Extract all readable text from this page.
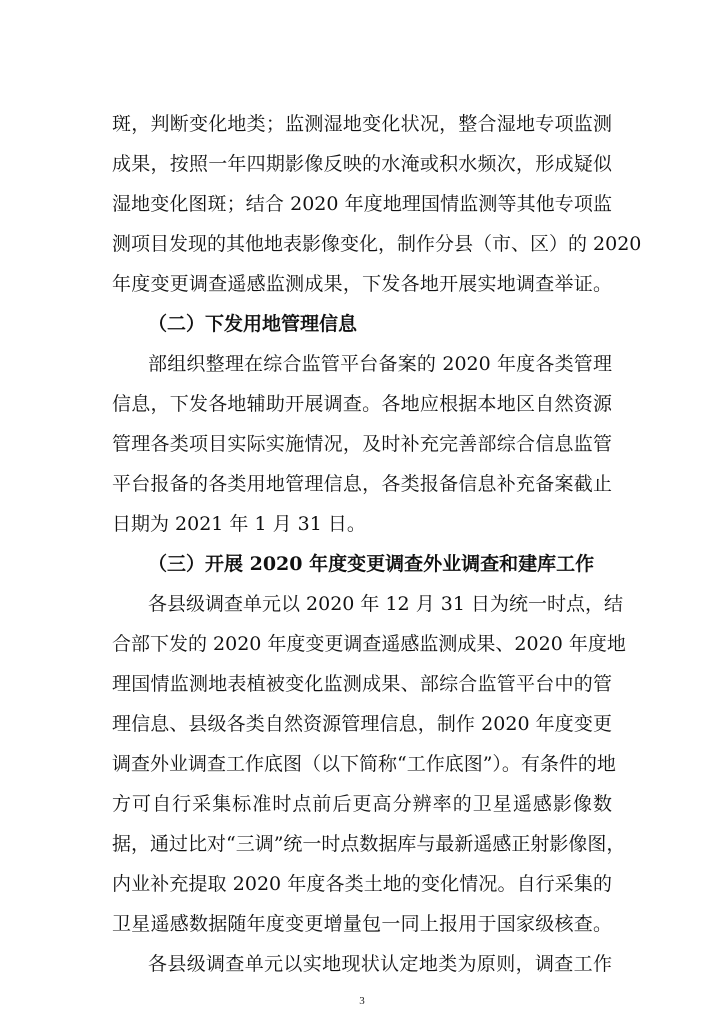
斑，判断变化地类；监测湿地变化状况，整合湿地专项监测
成果，按照一年四期影像反映的水淹或积水频次，形成疑似
湿地变化图斑；结合 2020 年度地理国情监测等其他专项监
测项目发现的其他地表影像变化，制作分县（市、区）的 2020
年度变更调查遥感监测成果，下发各地开展实地调查举证。
（二）下发用地管理信息
部组织整理在综合监管平台备案的 2020 年度各类管理
信息，下发各地辅助开展调查。各地应根据本地区自然资源
管理各类项目实际实施情况，及时补充完善部综合信息监管
平台报备的各类用地管理信息，各类报备信息补充备案截止
日期为 2021 年 1 月 31 日。
（三）开展 2020 年度变更调查外业调查和建库工作
各县级调查单元以 2020 年 12 月 31 日为统一时点，结
合部下发的 2020 年度变更调查遥感监测成果、2020 年度地
理国情监测地表植被变化监测成果、部综合监管平台中的管
理信息、县级各类自然资源管理信息，制作 2020 年度变更
调查外业调查工作底图（以下简称“工作底图”）。有条件的地
方可自行采集标准时点前后更高分辨率的卫星遥感影像数
据，通过比对“三调”统一时点数据库与最新遥感正射影像图，
内业补充提取 2020 年度各类土地的变化情况。自行采集的
卫星遥感数据随年度变更增量包一同上报用于国家级核查。
各县级调查单元以实地现状认定地类为原则，调查工作
3
